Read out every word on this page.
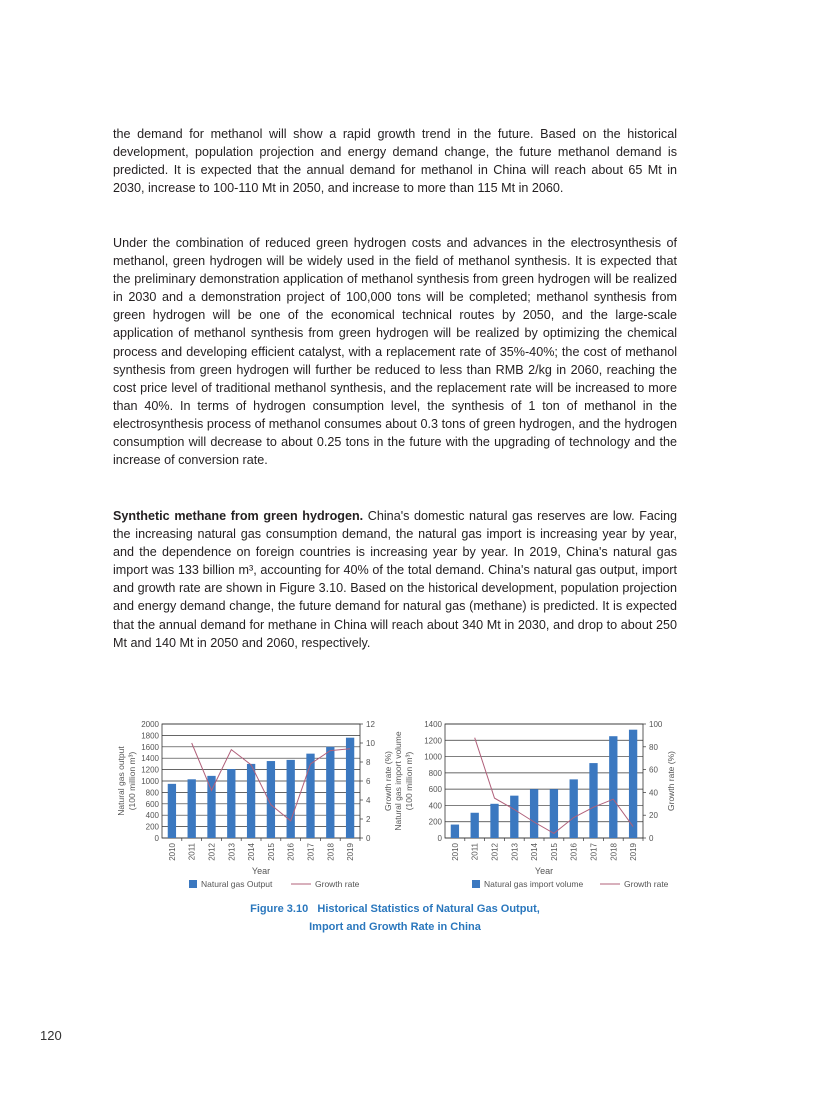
the demand for methanol will show a rapid growth trend in the future. Based on the historical development, population projection and energy demand change, the future methanol demand is predicted. It is expected that the annual demand for methanol in China will reach about 65 Mt in 2030, increase to 100-110 Mt in 2050, and increase to more than 115 Mt in 2060.

Under the combination of reduced green hydrogen costs and advances in the electrosynthesis of methanol, green hydrogen will be widely used in the field of methanol synthesis. It is expected that the preliminary demonstration application of methanol synthesis from green hydrogen will be realized in 2030 and a demonstration project of 100,000 tons will be completed; methanol synthesis from green hydrogen will be one of the economical technical routes by 2050, and the large-scale application of methanol synthesis from green hydrogen will be realized by optimizing the chemical process and developing efficient catalyst, with a replacement rate of 35%-40%; the cost of methanol synthesis from green hydrogen will further be reduced to less than RMB 2/kg in 2060, reaching the cost price level of traditional methanol synthesis, and the replacement rate will be increased to more than 40%. In terms of hydrogen consumption level, the synthesis of 1 ton of methanol in the electrosynthesis process of methanol consumes about 0.3 tons of green hydrogen, and the hydrogen consumption will decrease to about 0.25 tons in the future with the upgrading of technology and the increase of conversion rate.

Synthetic methane from green hydrogen. China's domestic natural gas reserves are low. Facing the increasing natural gas consumption demand, the natural gas import is increasing year by year, and the dependence on foreign countries is increasing year by year. In 2019, China's natural gas import was 133 billion m³, accounting for 40% of the total demand. China's natural gas output, import and growth rate are shown in Figure 3.10. Based on the historical development, population projection and energy demand change, the future demand for natural gas (methane) is predicted. It is expected that the annual demand for methane in China will reach about 340 Mt in 2030, and drop to about 250 Mt and 140 Mt in 2050 and 2060, respectively.

0
200
400
600
800
1000
1200
1400
1600
1800
2000
0
2
4
6
8
10
12
2010 2011 2012 2013 2014 2015 2016 2017 2018 2019
Natural gas output (100 million m³)	Growth rate (%)
Year
Natural gas Output	Growth rate
0
200
400
600
800
1000
1200
1400
0
20
40
60
80
100
2010 2011 2012 2013 2014 2015 2016 2017 2018 2019
Natural gas import volume (100 million m³)	Growth rate (%)
Year
Natural gas import volume	Growth rate
Figure 3.10   Historical Statistics of Natural Gas Output,
Import and Growth Rate in China
120
